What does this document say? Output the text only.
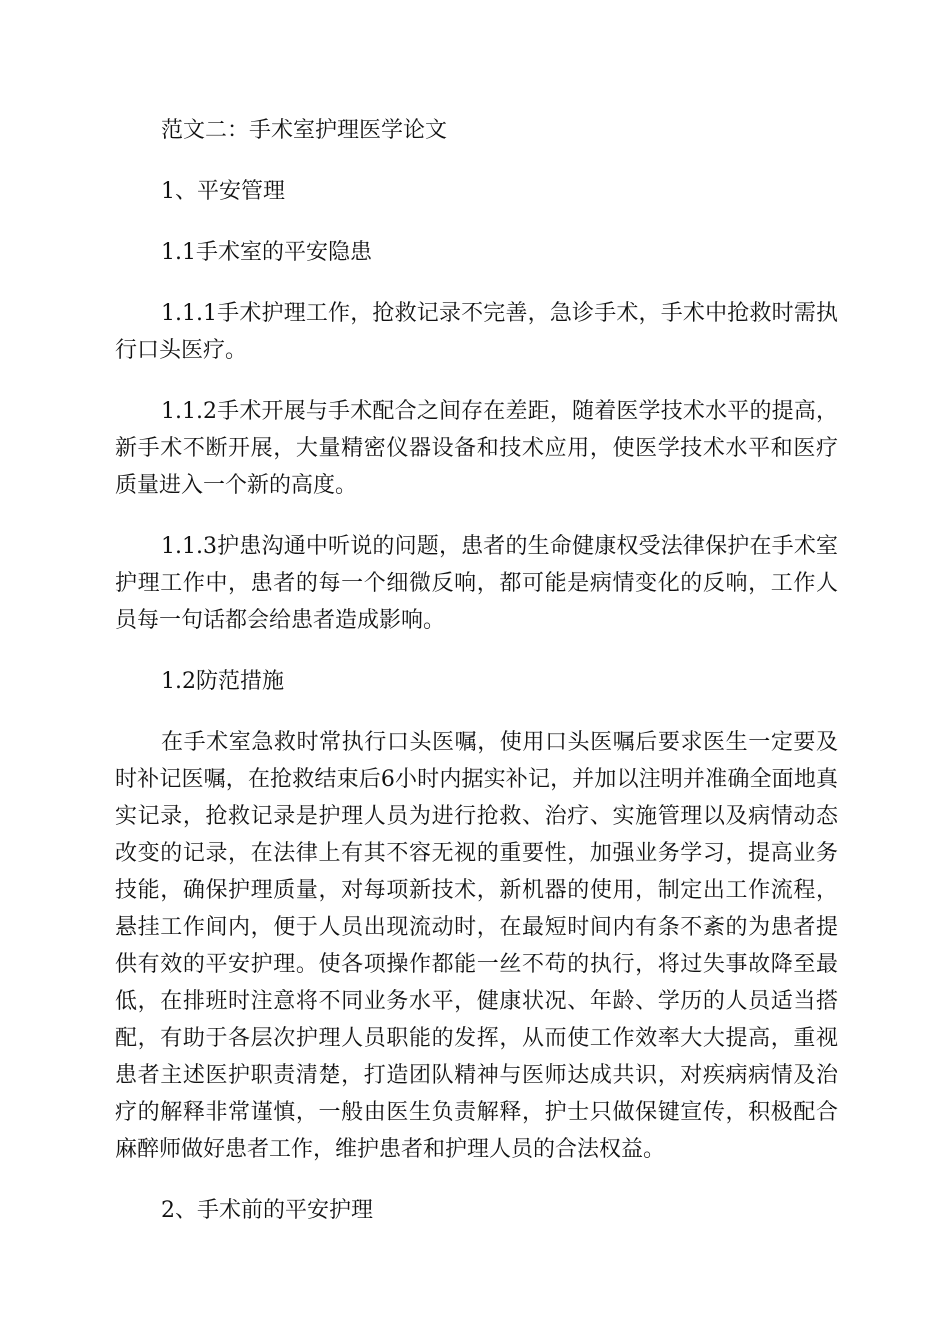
范文二：手术室护理医学论文

1、平安管理

1.1手术室的平安隐患

1.1.1手术护理工作，抢救记录不完善，急诊手术，手术中抢救时需执行口头医疗。

1.1.2手术开展与手术配合之间存在差距，随着医学技术水平的提高，新手术不断开展，大量精密仪器设备和技术应用，使医学技术水平和医疗质量进入一个新的高度。

1.1.3护患沟通中听说的问题，患者的生命健康权受法律保护在手术室护理工作中，患者的每一个细微反响，都可能是病情变化的反响，工作人员每一句话都会给患者造成影响。

1.2防范措施

在手术室急救时常执行口头医嘱，使用口头医嘱后要求医生一定要及时补记医嘱，在抢救结束后6小时内据实补记，并加以注明并准确全面地真实记录，抢救记录是护理人员为进行抢救、治疗、实施管理以及病情动态改变的记录，在法律上有其不容无视的重要性，加强业务学习，提高业务技能，确保护理质量，对每项新技术，新机器的使用，制定出工作流程，悬挂工作间内，便于人员出现流动时，在最短时间内有条不紊的为患者提供有效的平安护理。使各项操作都能一丝不苟的执行，将过失事故降至最低，在排班时注意将不同业务水平，健康状况、年龄、学历的人员适当搭配，有助于各层次护理人员职能的发挥，从而使工作效率大大提高，重视患者主述医护职责清楚，打造团队精神与医师达成共识，对疾病病情及治疗的解释非常谨慎，一般由医生负责解释，护士只做保键宣传，积极配合麻醉师做好患者工作，维护患者和护理人员的合法权益。

2、手术前的平安护理
